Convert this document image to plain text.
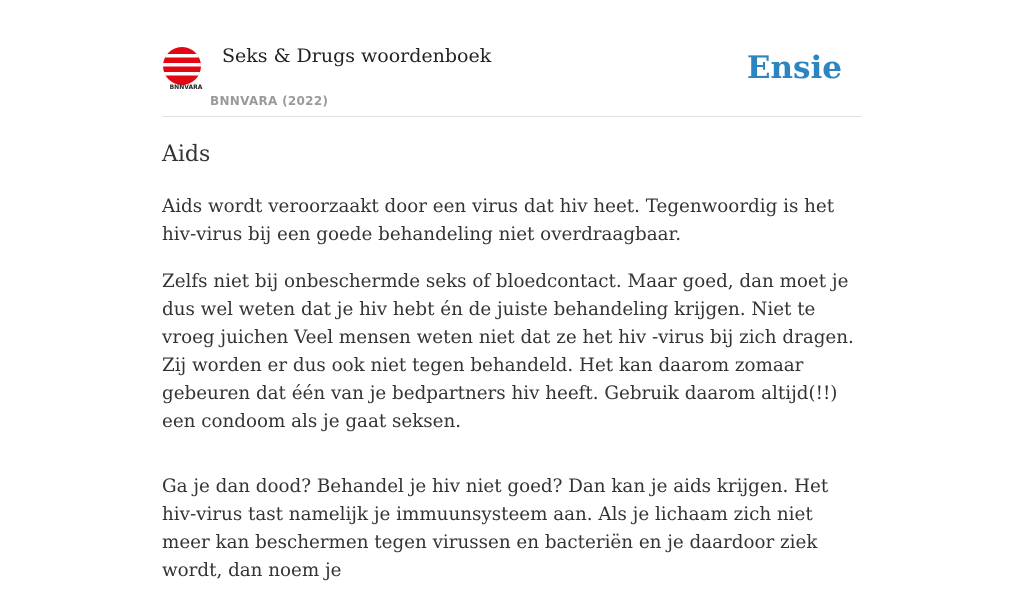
BNNVARA
Seks & Drugs woordenboek
BNNVARA (2022)
Ensie
Aids

Aids wordt veroorzaakt door een virus dat hiv heet. Tegenwoordig is het hiv-virus bij een goede behandeling niet overdraagbaar.

Zelfs niet bij onbeschermde seks of bloedcontact. Maar goed, dan moet je dus wel weten dat je hiv hebt én de juiste behandeling krijgen. Niet te vroeg juichen Veel mensen weten niet dat ze het hiv -virus bij zich dragen. Zij worden er dus ook niet tegen behandeld. Het kan daarom zomaar gebeuren dat één van je bedpartners hiv heeft. Gebruik daarom altijd(!!) een condoom als je gaat seksen.

Ga je dan dood? Behandel je hiv niet goed? Dan kan je aids krijgen. Het hiv-virus tast namelijk je immuunsysteem aan. Als je lichaam zich niet meer kan beschermen tegen virussen en bacteriën en je daardoor ziek wordt, dan noem je
